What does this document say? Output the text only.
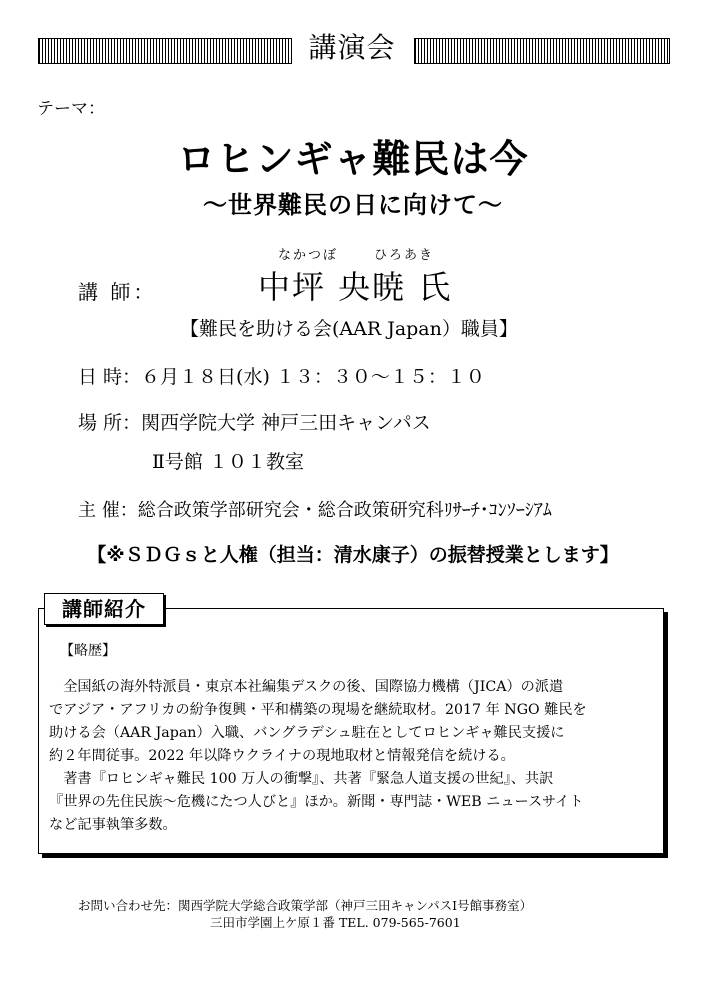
講演会
テーマ：
ロヒンギャ難民は今
～世界難民の日に向けて～
なかつぼ	ひろあき
講 師：	中坪 央暁 氏
【難民を助ける会(AAR Japan）職員】
日 時：６月１８日(水) １３：３０～１５：１０
場 所：関西学院大学 神戸三田キャンパス
Ⅱ号館 １０１教室
主 催：総合政策学部研究会・総合政策研究科ﾘｻｰﾁ･ｺﾝｿｰｼｱﾑ
【※ＳＤＧｓと人権（担当：清水康子）の振替授業とします】
講師紹介
【略歴】
　全国紙の海外特派員・東京本社編集デスクの後、国際協力機構（JICA）の派遣
でアジア・アフリカの紛争復興・平和構築の現場を継続取材。2017 年 NGO 難民を
助ける会（AAR Japan）入職、バングラデシュ駐在としてロヒンギャ難民支援に
約２年間従事。2022 年以降ウクライナの現地取材と情報発信を続ける。
　著書『ロヒンギャ難民 100 万人の衝撃』、共著『緊急人道支援の世紀』、共訳
『世界の先住民族～危機にたつ人びと』ほか。新聞・専門誌・WEB ニュースサイト
など記事執筆多数。
お問い合わせ先：関西学院大学総合政策学部（神戸三田キャンパスⅠ号館事務室）
三田市学園上ケ原１番 TEL. 079-565-7601
